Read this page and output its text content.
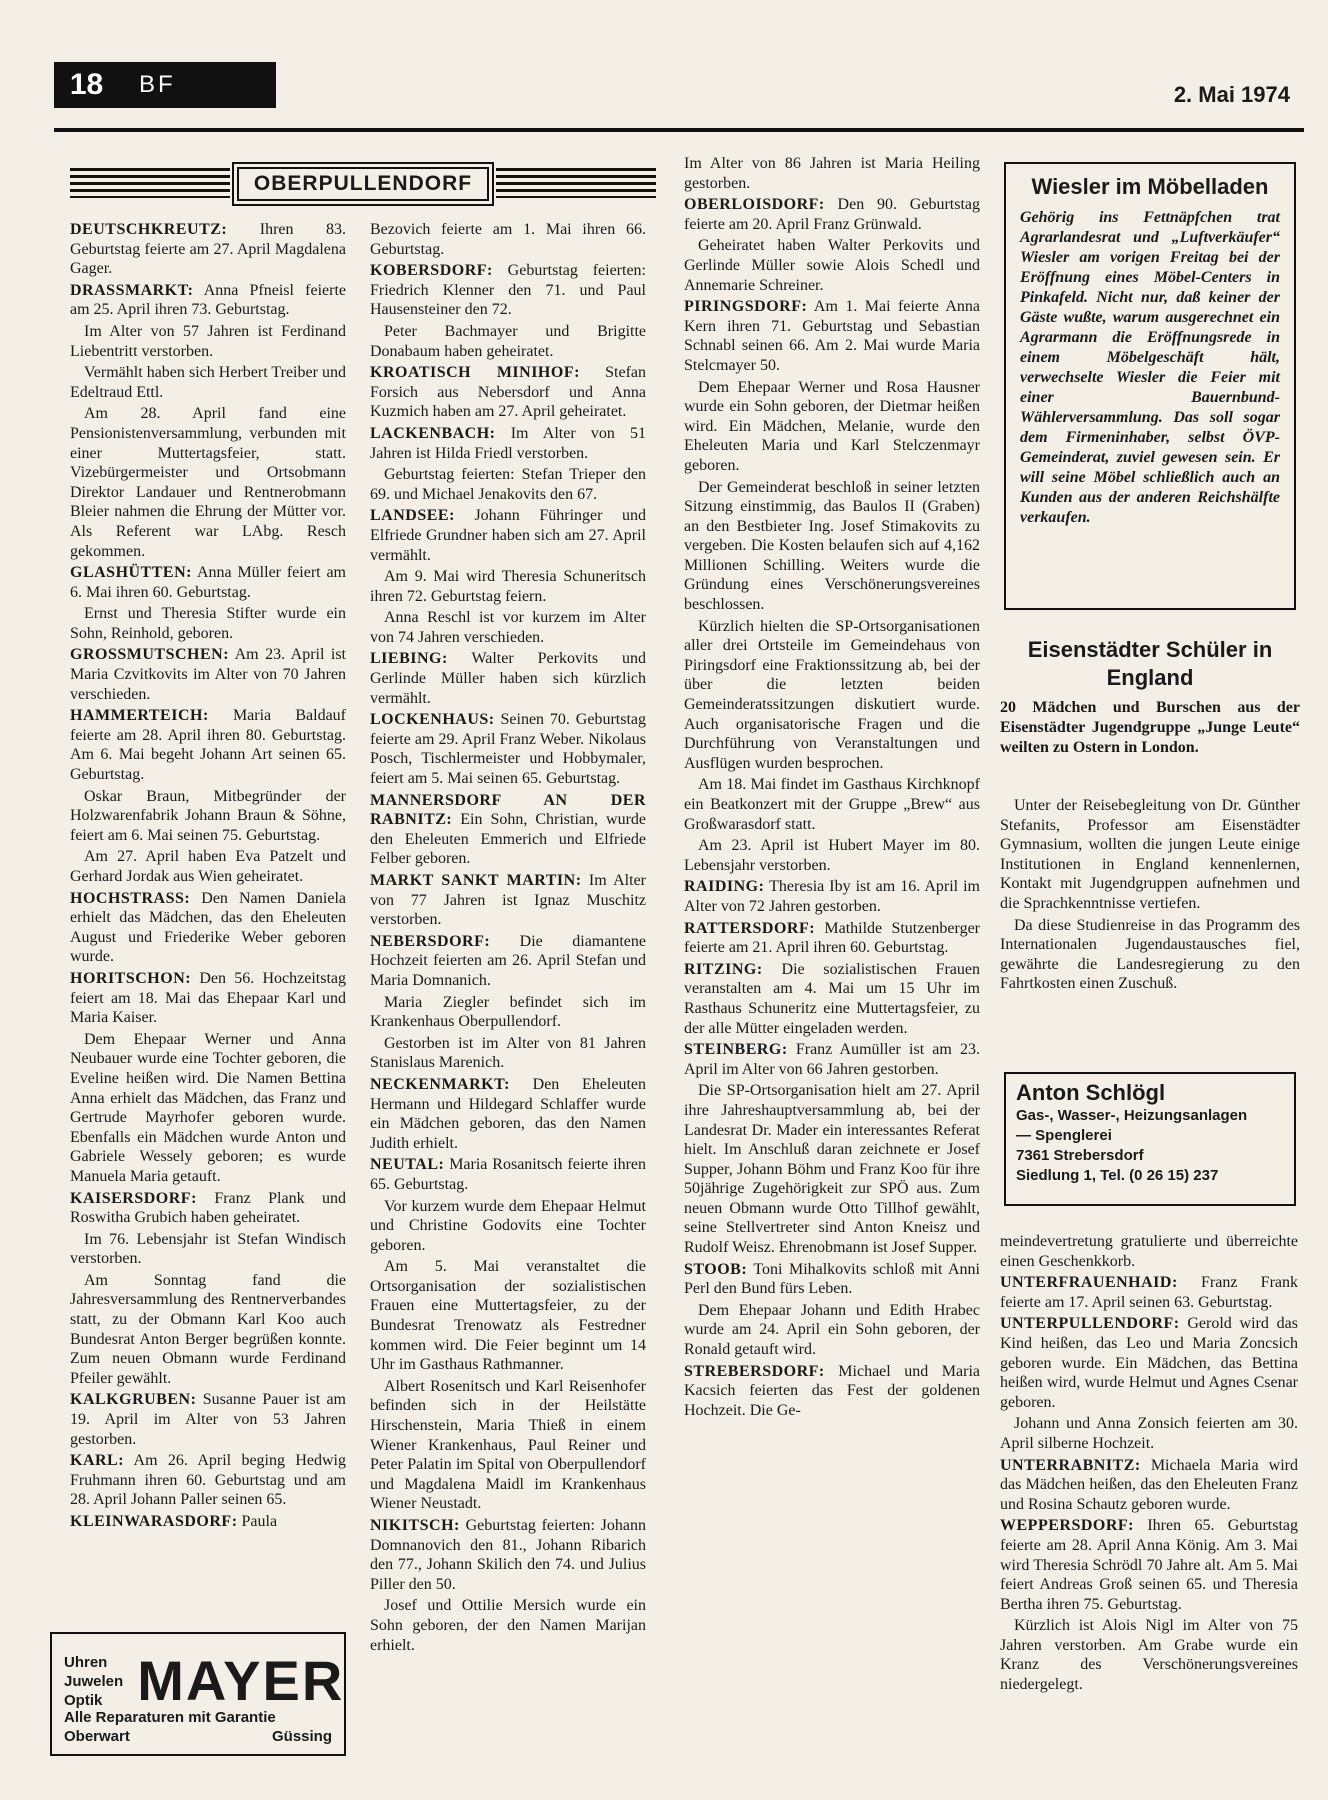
18	BF	2. Mai 1974
OBERPULLENDORF

DEUTSCHKREUTZ: Ihren 83. Geburtstag feierte am 27. April Magdalena Gager.

DRASSMARKT: Anna Pfneisl feierte am 25. April ihren 73. Geburtstag.

Im Alter von 57 Jahren ist Ferdinand Liebentritt verstorben.

Vermählt haben sich Herbert Treiber und Edeltraud Ettl.

Am 28. April fand eine Pensionistenversammlung, verbunden mit einer Muttertagsfeier, statt. Vizebürgermeister und Ortsobmann Direktor Landauer und Rentnerobmann Bleier nahmen die Ehrung der Mütter vor. Als Referent war LAbg. Resch gekommen.

GLASHÜTTEN: Anna Müller feiert am 6. Mai ihren 60. Geburtstag.

Ernst und Theresia Stifter wurde ein Sohn, Reinhold, geboren.

GROSSMUTSCHEN: Am 23. April ist Maria Czvitkovits im Alter von 70 Jahren verschieden.

HAMMERTEICH: Maria Baldauf feierte am 28. April ihren 80. Geburtstag. Am 6. Mai begeht Johann Art seinen 65. Geburtstag.

Oskar Braun, Mitbegründer der Holzwarenfabrik Johann Braun & Söhne, feiert am 6. Mai seinen 75. Geburtstag.

Am 27. April haben Eva Patzelt und Gerhard Jordak aus Wien geheiratet.

HOCHSTRASS: Den Namen Daniela erhielt das Mädchen, das den Eheleuten August und Friederike Weber geboren wurde.

HORITSCHON: Den 56. Hochzeitstag feiert am 18. Mai das Ehepaar Karl und Maria Kaiser.

Dem Ehepaar Werner und Anna Neubauer wurde eine Tochter geboren, die Eveline heißen wird. Die Namen Bettina Anna erhielt das Mädchen, das Franz und Gertrude Mayrhofer geboren wurde. Ebenfalls ein Mädchen wurde Anton und Gabriele Wessely geboren; es wurde Manuela Maria getauft.

KAISERSDORF: Franz Plank und Roswitha Grubich haben geheiratet.

Im 76. Lebensjahr ist Stefan Windisch verstorben.

Am Sonntag fand die Jahresversammlung des Rentnerverbandes statt, zu der Obmann Karl Koo auch Bundesrat Anton Berger begrüßen konnte. Zum neuen Obmann wurde Ferdinand Pfeiler gewählt.

KALKGRUBEN: Susanne Pauer ist am 19. April im Alter von 53 Jahren gestorben.

KARL: Am 26. April beging Hedwig Fruhmann ihren 60. Geburtstag und am 28. April Johann Paller seinen 65.

KLEINWARASDORF: Paula

Bezovich feierte am 1. Mai ihren 66. Geburtstag.

KOBERSDORF: Geburtstag feierten: Friedrich Klenner den 71. und Paul Hausensteiner den 72.

Peter Bachmayer und Brigitte Donabaum haben geheiratet.

KROATISCH MINIHOF: Stefan Forsich aus Nebersdorf und Anna Kuzmich haben am 27. April geheiratet.

LACKENBACH: Im Alter von 51 Jahren ist Hilda Friedl verstorben.

Geburtstag feierten: Stefan Trieper den 69. und Michael Jenakovits den 67.

LANDSEE: Johann Führinger und Elfriede Grundner haben sich am 27. April vermählt.

Am 9. Mai wird Theresia Schuneritsch ihren 72. Geburtstag feiern.

Anna Reschl ist vor kurzem im Alter von 74 Jahren verschieden.

LIEBING: Walter Perkovits und Gerlinde Müller haben sich kürzlich vermählt.

LOCKENHAUS: Seinen 70. Geburtstag feierte am 29. April Franz Weber. Nikolaus Posch, Tischlermeister und Hobbymaler, feiert am 5. Mai seinen 65. Geburtstag.

MANNERSDORF AN DER RABNITZ: Ein Sohn, Christian, wurde den Eheleuten Emmerich und Elfriede Felber geboren.

MARKT SANKT MARTIN: Im Alter von 77 Jahren ist Ignaz Muschitz verstorben.

NEBERSDORF: Die diamantene Hochzeit feierten am 26. April Stefan und Maria Domnanich.

Maria Ziegler befindet sich im Krankenhaus Oberpullendorf.

Gestorben ist im Alter von 81 Jahren Stanislaus Marenich.

NECKENMARKT: Den Eheleuten Hermann und Hildegard Schlaffer wurde ein Mädchen geboren, das den Namen Judith erhielt.

NEUTAL: Maria Rosanitsch feierte ihren 65. Geburtstag.

Vor kurzem wurde dem Ehepaar Helmut und Christine Godovits eine Tochter geboren.

Am 5. Mai veranstaltet die Ortsorganisation der sozialistischen Frauen eine Muttertagsfeier, zu der Bundesrat Trenowatz als Festredner kommen wird. Die Feier beginnt um 14 Uhr im Gasthaus Rathmanner.

Albert Rosenitsch und Karl Reisenhofer befinden sich in der Heilstätte Hirschenstein, Maria Thieß in einem Wiener Krankenhaus, Paul Reiner und Peter Palatin im Spital von Oberpullendorf und Magdalena Maidl im Krankenhaus Wiener Neustadt.

NIKITSCH: Geburtstag feierten: Johann Domnanovich den 81., Johann Ribarich den 77., Johann Skilich den 74. und Julius Piller den 50.

Josef und Ottilie Mersich wurde ein Sohn geboren, der den Namen Marijan erhielt.

Im Alter von 86 Jahren ist Maria Heiling gestorben.

OBERLOISDORF: Den 90. Geburtstag feierte am 20. April Franz Grünwald.

Geheiratet haben Walter Perkovits und Gerlinde Müller sowie Alois Schedl und Annemarie Schreiner.

PIRINGSDORF: Am 1. Mai feierte Anna Kern ihren 71. Geburtstag und Sebastian Schnabl seinen 66. Am 2. Mai wurde Maria Stelcmayer 50.

Dem Ehepaar Werner und Rosa Hausner wurde ein Sohn geboren, der Dietmar heißen wird. Ein Mädchen, Melanie, wurde den Eheleuten Maria und Karl Stelczenmayr geboren.

Der Gemeinderat beschloß in seiner letzten Sitzung einstimmig, das Baulos II (Graben) an den Bestbieter Ing. Josef Stimakovits zu vergeben. Die Kosten belaufen sich auf 4,162 Millionen Schilling. Weiters wurde die Gründung eines Verschönerungsvereines beschlossen.

Kürzlich hielten die SP-Ortsorganisationen aller drei Ortsteile im Gemeindehaus von Piringsdorf eine Fraktionssitzung ab, bei der über die letzten beiden Gemeinderatssitzungen diskutiert wurde. Auch organisatorische Fragen und die Durchführung von Veranstaltungen und Ausflügen wurden besprochen.

Am 18. Mai findet im Gasthaus Kirchknopf ein Beatkonzert mit der Gruppe „Brew“ aus Großwarasdorf statt.

Am 23. April ist Hubert Mayer im 80. Lebensjahr verstorben.

RAIDING: Theresia Iby ist am 16. April im Alter von 72 Jahren gestorben.

RATTERSDORF: Mathilde Stutzenberger feierte am 21. April ihren 60. Geburtstag.

RITZING: Die sozialistischen Frauen veranstalten am 4. Mai um 15 Uhr im Rasthaus Schuneritz eine Muttertagsfeier, zu der alle Mütter eingeladen werden.

STEINBERG: Franz Aumüller ist am 23. April im Alter von 66 Jahren gestorben.

Die SP-Ortsorganisation hielt am 27. April ihre Jahreshauptversammlung ab, bei der Landesrat Dr. Mader ein interessantes Referat hielt. Im Anschluß daran zeichnete er Josef Supper, Johann Böhm und Franz Koo für ihre 50jährige Zugehörigkeit zur SPÖ aus. Zum neuen Obmann wurde Otto Tillhof gewählt, seine Stellvertreter sind Anton Kneisz und Rudolf Weisz. Ehrenobmann ist Josef Supper.

STOOB: Toni Mihalkovits schloß mit Anni Perl den Bund fürs Leben.

Dem Ehepaar Johann und Edith Hrabec wurde am 24. April ein Sohn geboren, der Ronald getauft wird.

STREBERSDORF: Michael und Maria Kacsich feierten das Fest der goldenen Hochzeit. Die Ge-

meindevertretung gratulierte und überreichte einen Geschenkkorb.

UNTERFRAUENHAID: Franz Frank feierte am 17. April seinen 63. Geburtstag.

UNTERPULLENDORF: Gerold wird das Kind heißen, das Leo und Maria Zoncsich geboren wurde. Ein Mädchen, das Bettina heißen wird, wurde Helmut und Agnes Csenar geboren.

Johann und Anna Zonsich feierten am 30. April silberne Hochzeit.

UNTERRABNITZ: Michaela Maria wird das Mädchen heißen, das den Eheleuten Franz und Rosina Schautz geboren wurde.

WEPPERSDORF: Ihren 65. Geburtstag feierte am 28. April Anna König. Am 3. Mai wird Theresia Schrödl 70 Jahre alt. Am 5. Mai feiert Andreas Groß seinen 65. und Theresia Bertha ihren 75. Geburtstag.

Kürzlich ist Alois Nigl im Alter von 75 Jahren verstorben. Am Grabe wurde ein Kranz des Verschönerungsvereines niedergelegt.

Wiesler im Möbelladen
Gehörig ins Fettnäpfchen trat Agrarlandesrat und „Luftverkäufer“ Wiesler am vorigen Freitag bei der Eröffnung eines Möbel-Centers in Pinkafeld. Nicht nur, daß keiner der Gäste wußte, warum ausgerechnet ein Agrarmann die Eröffnungsrede in einem Möbelgeschäft hält, verwechselte Wiesler die Feier mit einer Bauernbund-Wählerversammlung. Das soll sogar dem Firmeninhaber, selbst ÖVP-Gemeinderat, zuviel gewesen sein. Er will seine Möbel schließlich auch an Kunden aus der anderen Reichshälfte verkaufen.
Eisenstädter Schüler in England
20 Mädchen und Burschen aus der Eisenstädter Jugendgruppe „Junge Leute“ weilten zu Ostern in London.

Unter der Reisebegleitung von Dr. Günther Stefanits, Professor am Eisenstädter Gymnasium, wollten die jungen Leute einige Institutionen in England kennenlernen, Kontakt mit Jugendgruppen aufnehmen und die Sprachkenntnisse vertiefen.

Da diese Studienreise in das Programm des Internationalen Jugendaustausches fiel, gewährte die Landesregierung zu den Fahrtkosten einen Zuschuß.

Anton Schlögl
Gas-, Wasser-, Heizungsanlagen
— Spenglerei
7361 Strebersdorf
Siedlung 1, Tel. (0 26 15) 237
Uhren
Juwelen
Optik MAYER
Alle Reparaturen mit Garantie
Oberwart	Güssing
